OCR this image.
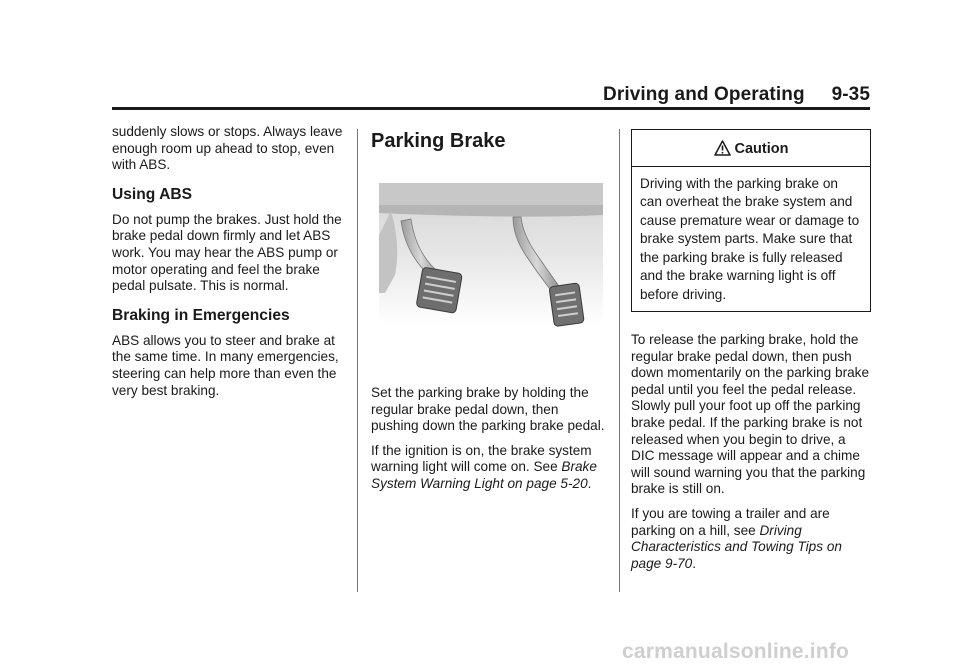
Driving and Operating 9-35

suddenly slows or stops. Always leave enough room up ahead to stop, even with ABS.

Using ABS

Do not pump the brakes. Just hold the brake pedal down firmly and let ABS work. You may hear the ABS pump or motor operating and feel the brake pedal pulsate. This is normal.

Braking in Emergencies

ABS allows you to steer and brake at the same time. In many emergencies, steering can help more than even the very best braking.

Parking Brake

Set the parking brake by holding the regular brake pedal down, then pushing down the parking brake pedal.

If the ignition is on, the brake system warning light will come on. See Brake System Warning Light on page 5-20.

Caution
Driving with the parking brake on can overheat the brake system and cause premature wear or damage to brake system parts. Make sure that the parking brake is fully released and the brake warning light is off before driving.

To release the parking brake, hold the regular brake pedal down, then push down momentarily on the parking brake pedal until you feel the pedal release. Slowly pull your foot up off the parking brake pedal. If the parking brake is not released when you begin to drive, a DIC message will appear and a chime will sound warning you that the parking brake is still on.

If you are towing a trailer and are parking on a hill, see Driving Characteristics and Towing Tips on page 9-70.

carmanualsonline.info
